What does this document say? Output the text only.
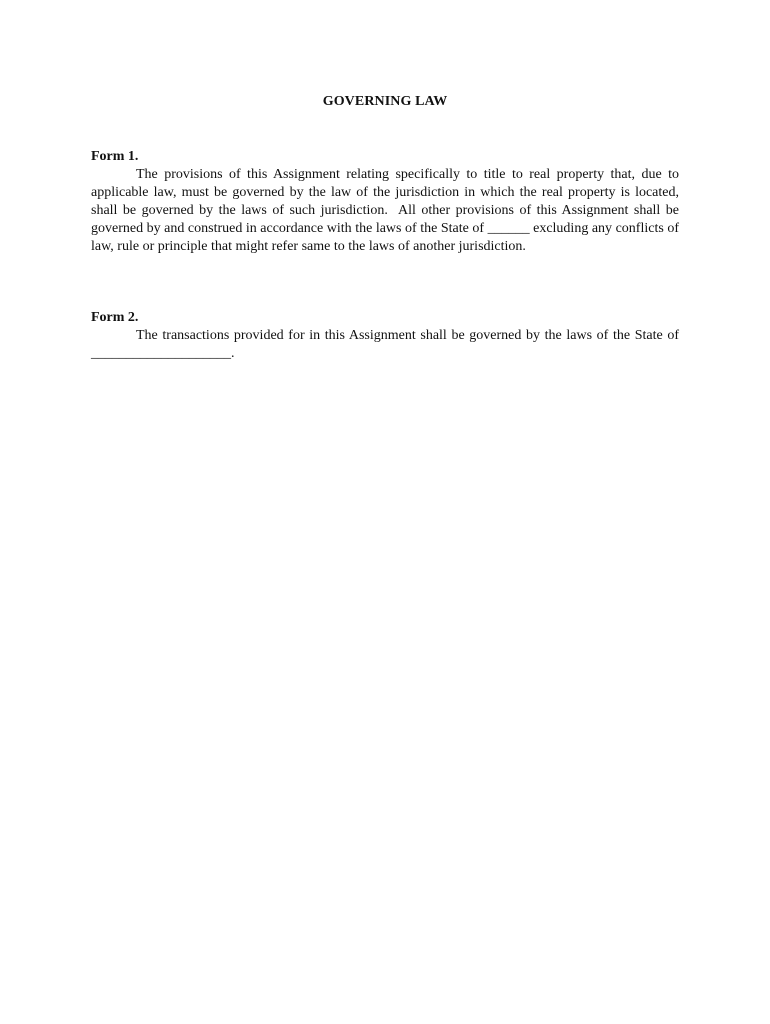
GOVERNING LAW

Form 1.

The provisions of this Assignment relating specifically to title to real property that, due to applicable law, must be governed by the law of the jurisdiction in which the real property is located, shall be governed by the laws of such jurisdiction.  All other provisions of this Assignment shall be governed by and construed in accordance with the laws of the State of ______ excluding any conflicts of law, rule or principle that might refer same to the laws of another jurisdiction.

Form 2.

The transactions provided for in this Assignment shall be governed by the laws of the State of ____________________.
